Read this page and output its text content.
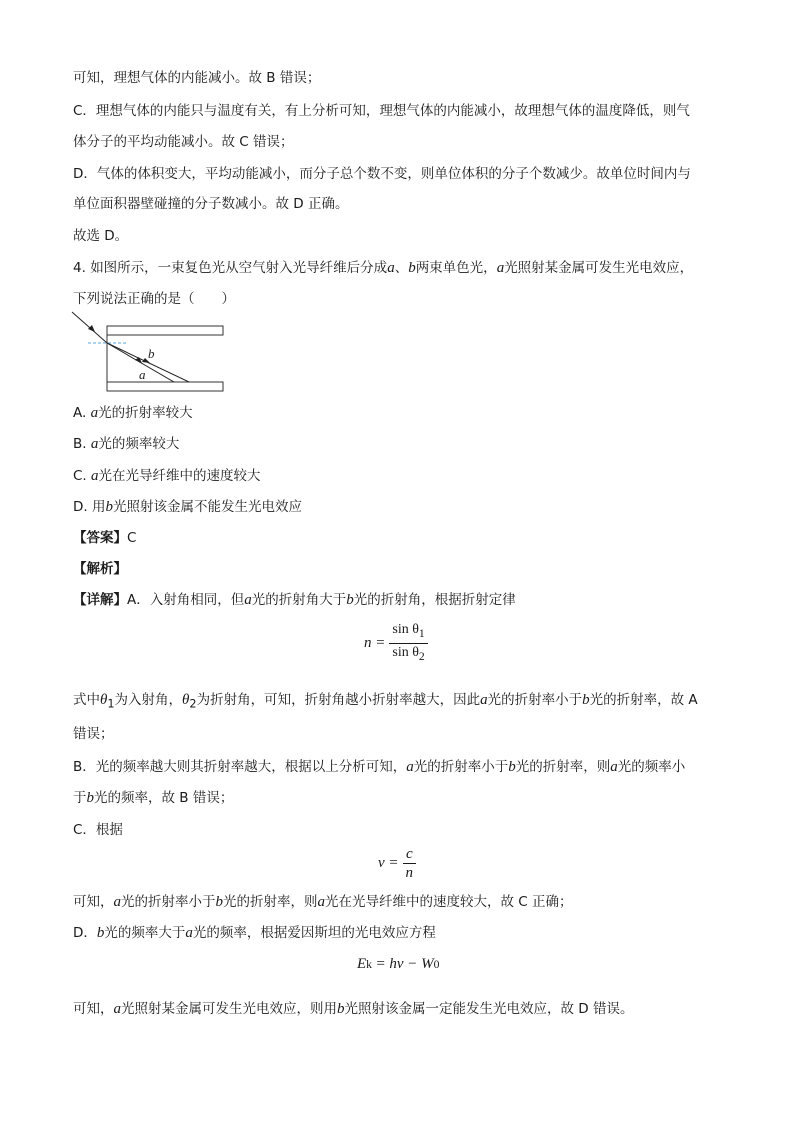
可知，理想气体的内能减小。故 B 错误；
C．理想气体的内能只与温度有关，有上分析可知，理想气体的内能减小，故理想气体的温度降低，则气
体分子的平均动能减小。故 C 错误；
D．气体的体积变大，平均动能减小，而分子总个数不变，则单位体积的分子个数减少。故单位时间内与
单位面积器壁碰撞的分子数减小。故 D 正确。
故选 D。
4. 如图所示，一束复色光从空气射入光导纤维后分成a、b两束单色光，a光照射某金属可发生光电效应，
下列说法正确的是（　　）
b
a
A. a光的折射率较大
B. a光的频率较大
C. a光在光导纤维中的速度较大
D. 用b光照射该金属不能发生光电效应
【答案】C
【解析】
【详解】A．入射角相同，但a光的折射角大于b光的折射角，根据折射定律
$n = \frac{\sin \theta_1}{\sin \theta_2}$
式中$\theta_1$为入射角，$\theta_2$为折射角，可知，折射角越小折射率越大，因此a光的折射率小于b光的折射率，故 A
错误；
B．光的频率越大则其折射率越大，根据以上分析可知，a光的折射率小于b光的折射率，则a光的频率小
于b光的频率，故 B 错误；
C．根据
$v = \frac{c}{n}$
可知，a光的折射率小于b光的折射率，则a光在光导纤维中的速度较大，故 C 正确；
D．b光的频率大于a光的频率，根据爱因斯坦的光电效应方程
E k
= hν − W 0
可知，a光照射某金属可发生光电效应，则用b光照射该金属一定能发生光电效应，故 D 错误。
